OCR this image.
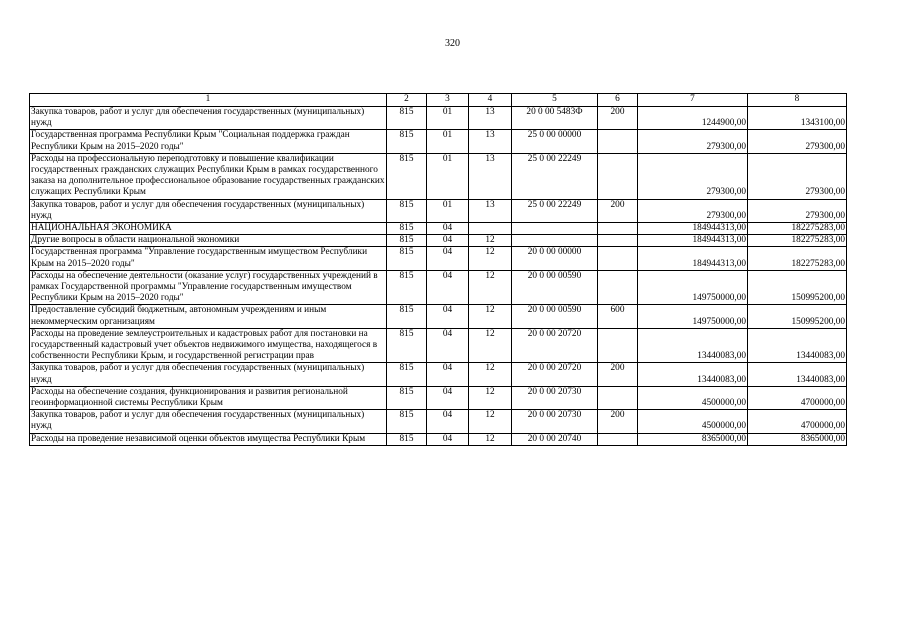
320
1	2	3	4	5	6	7	8
Закупка товаров, работ и услуг для обеспечения государственных (муниципальных) нужд	815	01	13	20 0 00 5483Ф	200	1244900,00	1343100,00
Государственная программа Республики Крым "Социальная поддержка граждан Республики Крым на 2015–2020 годы"	815	01	13	25 0 00 00000		279300,00	279300,00
Расходы на профессиональную переподготовку и повышение квалификации государственных гражданских служащих Республики Крым в рамках государственного заказа на дополнительное профессиональное образование государственных гражданских служащих Республики Крым	815	01	13	25 0 00 22249		279300,00	279300,00
Закупка товаров, работ и услуг для обеспечения государственных (муниципальных) нужд	815	01	13	25 0 00 22249	200	279300,00	279300,00
НАЦИОНАЛЬНАЯ ЭКОНОМИКА	815	04				184944313,00	182275283,00
Другие вопросы в области национальной экономики	815	04	12			184944313,00	182275283,00
Государственная программа "Управление государственным имуществом Республики Крым на 2015–2020 годы"	815	04	12	20 0 00 00000		184944313,00	182275283,00
Расходы на обеспечение деятельности (оказание услуг) государственных учреждений в рамках Государственной программы "Управление государственным имуществом Республики Крым на 2015–2020 годы"	815	04	12	20 0 00 00590		149750000,00	150995200,00
Предоставление субсидий бюджетным, автономным учреждениям и иным некоммерческим организациям	815	04	12	20 0 00 00590	600	149750000,00	150995200,00
Расходы на проведение землеустроительных и кадастровых работ для постановки на государственный кадастровый учет объектов недвижимого имущества, находящегося в собственности Республики Крым, и государственной регистрации прав	815	04	12	20 0 00 20720		13440083,00	13440083,00
Закупка товаров, работ и услуг для обеспечения государственных (муниципальных) нужд	815	04	12	20 0 00 20720	200	13440083,00	13440083,00
Расходы на обеспечение создания, функционирования и развития региональной геоинформационной системы Республики Крым	815	04	12	20 0 00 20730		4500000,00	4700000,00
Закупка товаров, работ и услуг для обеспечения государственных (муниципальных) нужд	815	04	12	20 0 00 20730	200	4500000,00	4700000,00
Расходы на проведение независимой оценки объектов имущества Республики Крым	815	04	12	20 0 00 20740		8365000,00	8365000,00
